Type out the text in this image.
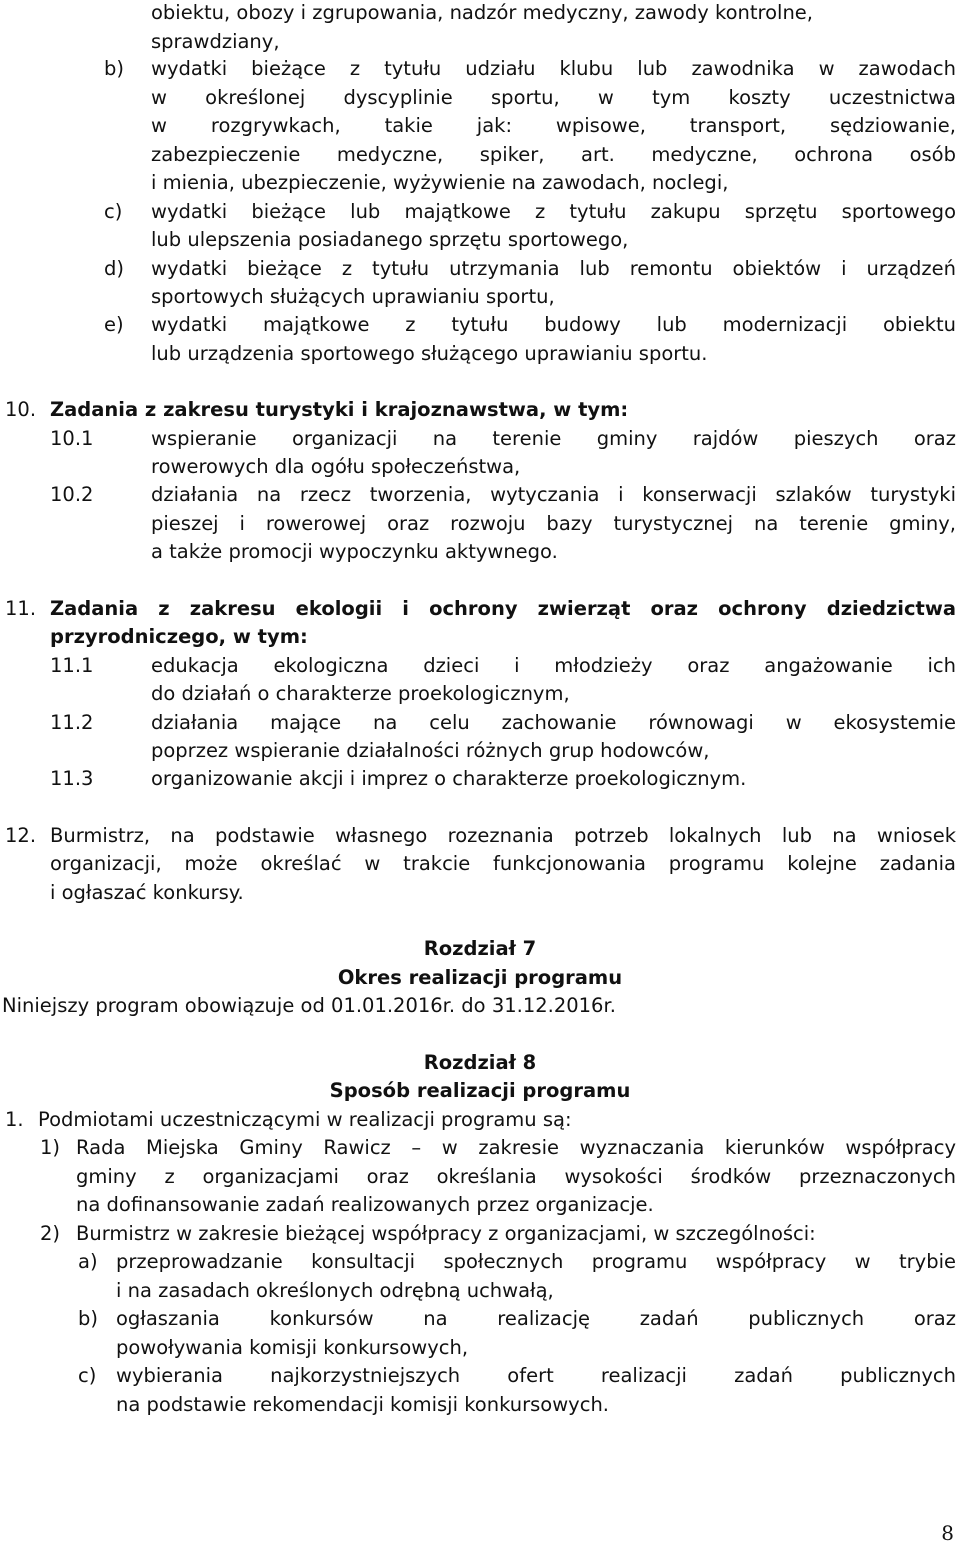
obiektu, obozy i zgrupowania, nadzór medyczny, zawody kontrolne,
sprawdziany,
b) wydatki bieżące z tytułu udziału klubu lub zawodnika w zawodach
w określonej dyscyplinie sportu, w tym koszty uczestnictwa
w rozgrywkach, takie jak: wpisowe, transport, sędziowanie,
zabezpieczenie medyczne, spiker, art. medyczne, ochrona osób
i mienia, ubezpieczenie, wyżywienie na zawodach, noclegi,
c) wydatki bieżące lub majątkowe z tytułu zakupu sprzętu sportowego
lub ulepszenia posiadanego sprzętu sportowego,
d) wydatki bieżące z tytułu utrzymania lub remontu obiektów i urządzeń
sportowych służących uprawianiu sportu,
e) wydatki majątkowe z tytułu budowy lub modernizacji obiektu
lub urządzenia sportowego służącego uprawianiu sportu.
10. Zadania z zakresu turystyki i krajoznawstwa, w tym:
10.1	wspieranie organizacji na terenie gminy rajdów pieszych oraz
rowerowych dla ogółu społeczeństwa,
10.2	działania na rzecz tworzenia, wytyczania i konserwacji szlaków turystyki
pieszej i rowerowej oraz rozwoju bazy turystycznej na terenie gminy,
a także promocji wypoczynku aktywnego.
11. Zadania z zakresu ekologii i ochrony zwierząt oraz ochrony dziedzictwa
przyrodniczego, w tym:
11.1	edukacja ekologiczna dzieci i młodzieży oraz angażowanie ich
do działań o charakterze proekologicznym,
11.2	działania mające na celu zachowanie równowagi w ekosystemie
poprzez wspieranie działalności różnych grup hodowców,
11.3	organizowanie akcji i imprez o charakterze proekologicznym.
12. Burmistrz, na podstawie własnego rozeznania potrzeb lokalnych lub na wniosek
organizacji, może określać w trakcie funkcjonowania programu kolejne zadania
i ogłaszać konkursy.
Rozdział 7
Okres realizacji programu
Niniejszy program obowiązuje od 01.01.2016r. do 31.12.2016r.
Rozdział 8
Sposób realizacji programu
1. Podmiotami uczestniczącymi w realizacji programu są:
1) Rada Miejska Gminy Rawicz – w zakresie wyznaczania kierunków współpracy
gminy z organizacjami oraz określania wysokości środków przeznaczonych
na dofinansowanie zadań realizowanych przez organizacje.
2) Burmistrz w zakresie bieżącej współpracy z organizacjami, w szczególności:
a) przeprowadzanie konsultacji społecznych programu współpracy w trybie
i na zasadach określonych odrębną uchwałą,
b) ogłaszania konkursów na realizację zadań publicznych oraz
powoływania komisji konkursowych,
c) wybierania najkorzystniejszych ofert realizacji zadań publicznych
na podstawie rekomendacji komisji konkursowych.
8
